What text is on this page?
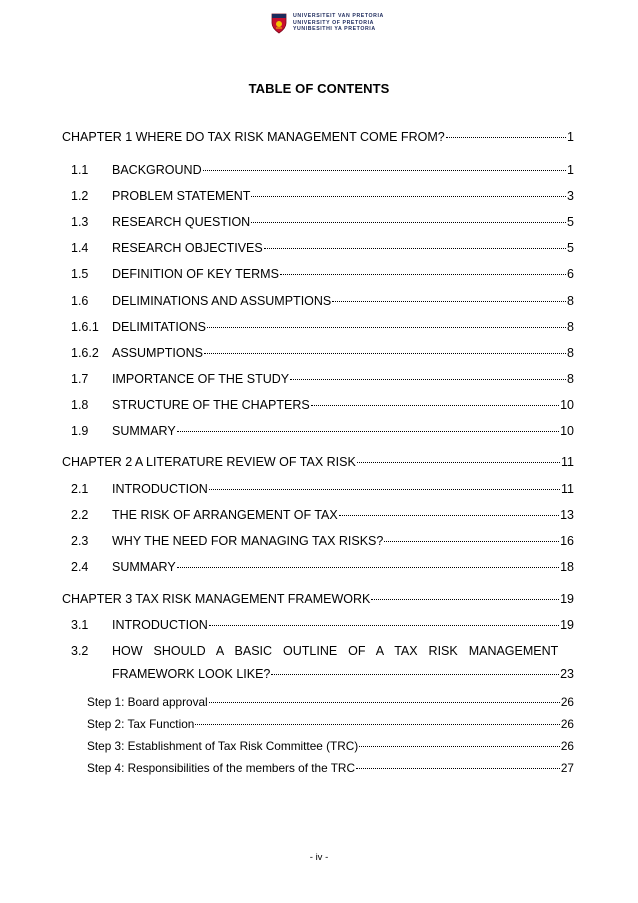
UNIVERSITEIT VAN PRETORIA
UNIVERSITY OF PRETORIA
YUNIBESITHI YA PRETORIA
TABLE OF CONTENTS
CHAPTER 1 WHERE DO TAX RISK MANAGEMENT COME FROM?	1
1.1	BACKGROUND	1
1.2	PROBLEM STATEMENT	3
1.3	RESEARCH QUESTION	5
1.4	RESEARCH OBJECTIVES	5
1.5	DEFINITION OF KEY TERMS	6
1.6	DELIMINATIONS AND ASSUMPTIONS	8
1.6.1	DELIMITATIONS	8
1.6.2	ASSUMPTIONS	8
1.7	IMPORTANCE OF THE STUDY	8
1.8	STRUCTURE OF THE CHAPTERS	10
1.9	SUMMARY	10
CHAPTER 2 A LITERATURE REVIEW OF TAX RISK	11
2.1	INTRODUCTION	11
2.2	THE RISK OF ARRANGEMENT OF TAX	13
2.3	WHY THE NEED FOR MANAGING TAX RISKS?	16
2.4	SUMMARY	18
CHAPTER 3 TAX RISK MANAGEMENT FRAMEWORK	19
3.1	INTRODUCTION	19
3.2	HOW SHOULD A BASIC OUTLINE OF A TAX RISK MANAGEMENT
FRAMEWORK LOOK LIKE?	23
Step 1: Board approval	26
Step 2: Tax Function	26
Step 3: Establishment of Tax Risk Committee (TRC)	26
Step 4: Responsibilities of the members of the TRC	27
- iv -
